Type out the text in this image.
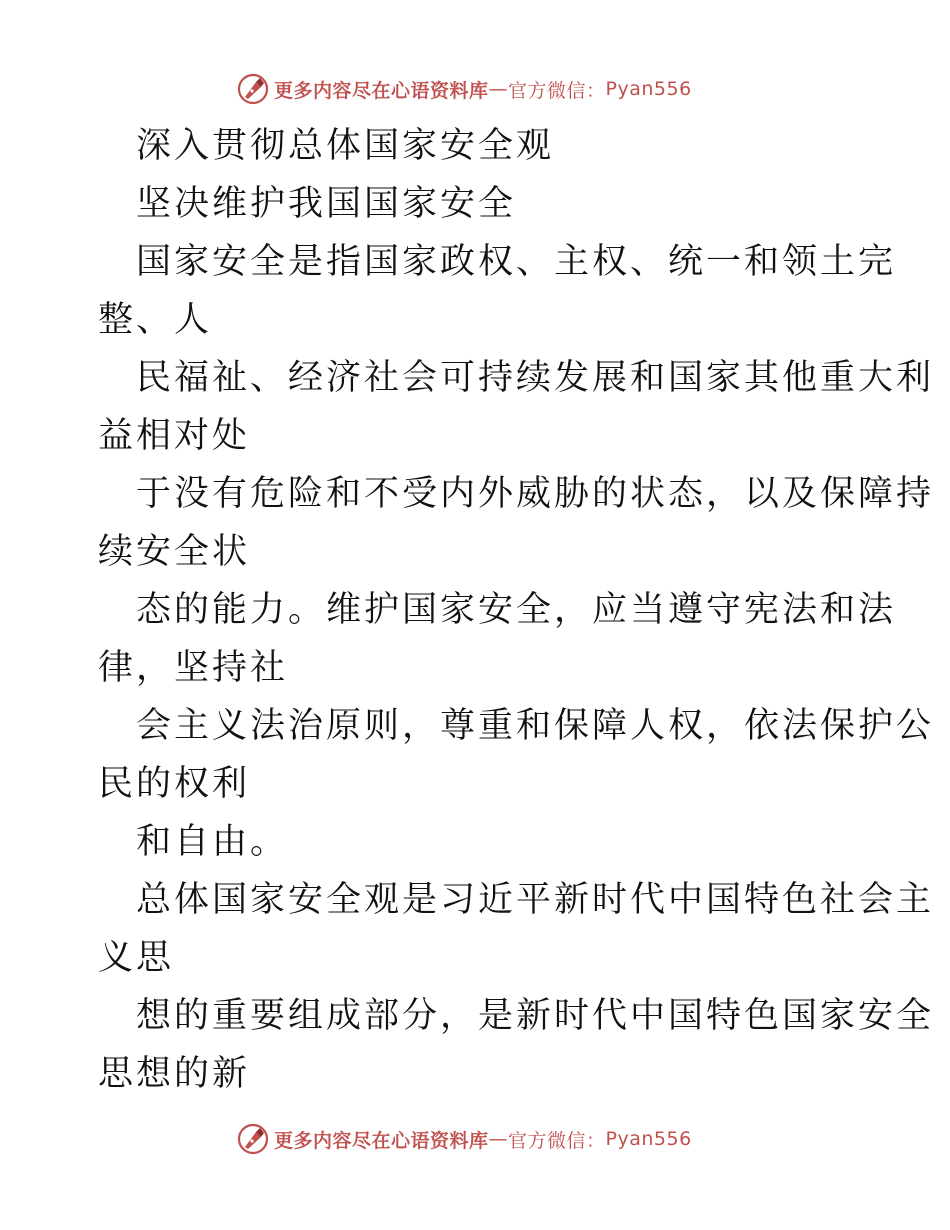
更多内容尽在心语资料库 — 官方微信： Pyan556
深入贯彻总体国家安全观
坚决维护我国国家安全
国家安全是指国家政权、主权、统一和领土完
整、人
民福祉、经济社会可持续发展和国家其他重大利
益相对处
于没有危险和不受内外威胁的状态，以及保障持
续安全状
态的能力。维护国家安全，应当遵守宪法和法
律，坚持社
会主义法治原则，尊重和保障人权，依法保护公
民的权利
和自由。
总体国家安全观是习近平新时代中国特色社会主
义思
想的重要组成部分，是新时代中国特色国家安全
思想的新
更多内容尽在心语资料库 — 官方微信： Pyan556
